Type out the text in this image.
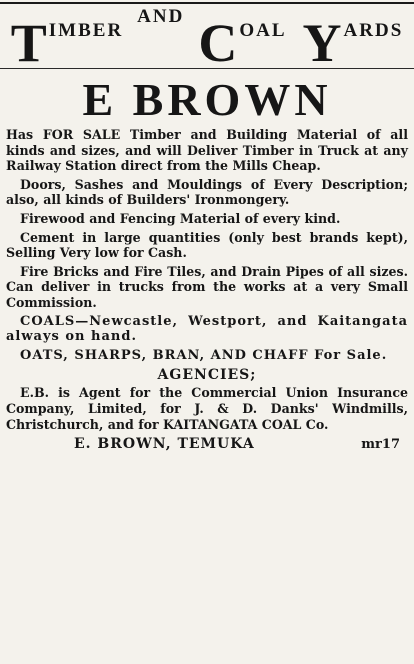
T IMBER
AND C OAL Y ARDS
E BROWN

Has FOR SALE Timber and Building Material of all kinds and sizes, and will Deliver Timber in Truck at any Railway Station direct from the Mills Cheap.

Doors, Sashes and Mouldings of Every Description; also, all kinds of Builders' Ironmongery.

Firewood and Fencing Material of every kind.

Cement in large quantities (only best brands kept), Selling Very low for Cash.

Fire Bricks and Fire Tiles, and Drain Pipes of all sizes. Can deliver in trucks from the works at a very Small Commission.

COALS—Newcastle, Westport, and Kaitangata always on hand.

OATS, SHARPS, BRAN, AND CHAFF For Sale.

AGENCIES;

E.B. is Agent for the Commercial Union Insurance Company, Limited, for J. & D. Danks' Windmills, Christchurch, and for KAITANGATA COAL Co.

E. BROWN, TEMUKA	mr17
